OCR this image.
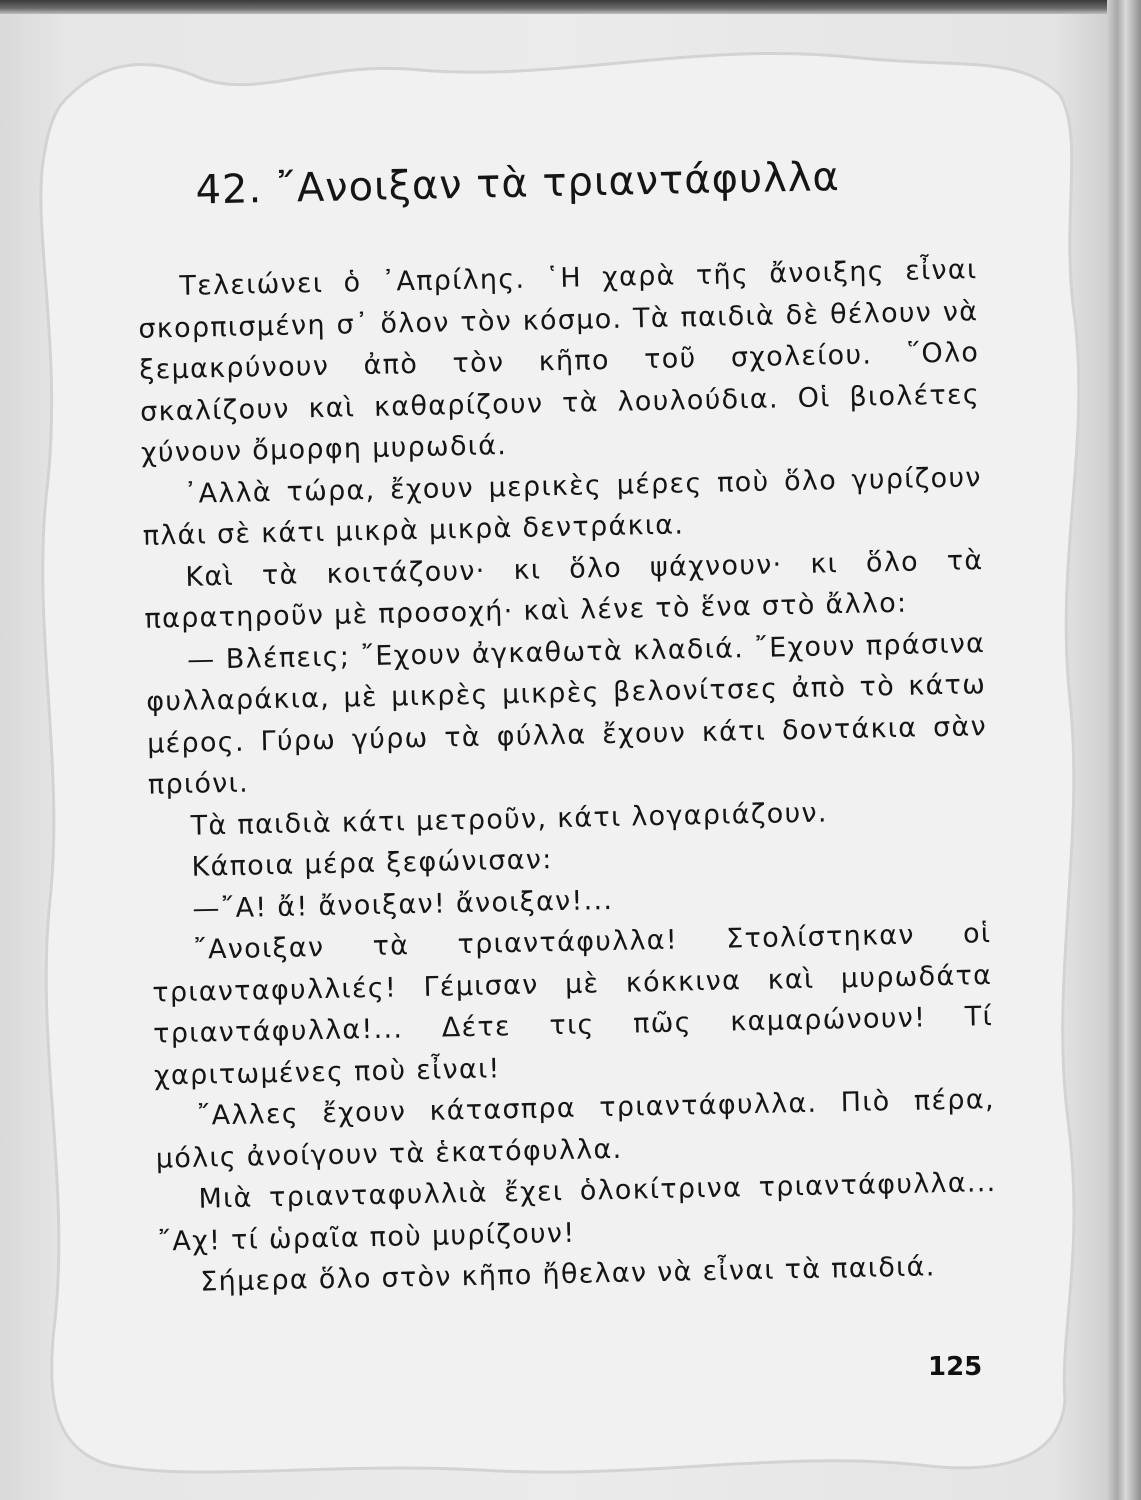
42. ῎Ανοιξαν τὰ τριαντάφυλλα

Τελειώνει ὁ ᾿Απρίλης. ῾Η χαρὰ τῆς ἄνοιξης εἶναι σκορπισμένη σ᾿ ὅλον τὸν κόσμο. Τὰ παιδιὰ δὲ θέλουν νὰ ξεμακρύνουν ἀπὸ τὸν κῆπο τοῦ σχολείου. ῞Ολο σκαλίζουν καὶ καθαρίζουν τὰ λουλούδια. Οἱ βιολέτες χύνουν ὄμορφη μυρωδιά.

᾿Αλλὰ τώρα, ἔχουν μερικὲς μέρες ποὺ ὅλο γυρίζουν πλάι σὲ κάτι μικρὰ μικρὰ δεντράκια.

Καὶ τὰ κοιτάζουν· κι ὅλο ψάχνουν· κι ὅλο τὰ παρατηροῦν μὲ προσοχή· καὶ λένε τὸ ἕνα στὸ ἄλλο:

— Βλέπεις; ῎Εχουν ἀγκαθωτὰ κλαδιά. ῎Εχουν πράσινα φυλλαράκια, μὲ μικρὲς μικρὲς βελονίτσες ἀπὸ τὸ κάτω μέρος. Γύρω γύρω τὰ φύλλα ἔχουν κάτι δοντάκια σὰν πριόνι.

Τὰ παιδιὰ κάτι μετροῦν, κάτι λογαριάζουν.

Κάποια μέρα ξεφώνισαν:

—῎Α! ἄ! ἄνοιξαν! ἄνοιξαν!...

῎Ανοιξαν τὰ τριαντάφυλλα! Στολίστηκαν οἱ τριανταφυλλιές! Γέμισαν μὲ κόκκινα καὶ μυρωδάτα τριαντάφυλλα!... Δέτε τις πῶς καμαρώνουν! Τί χαριτωμένες ποὺ εἶναι!

῎Αλλες ἔχουν κάτασπρα τριαντάφυλλα. Πιὸ πέρα, μόλις ἀνοίγουν τὰ ἑκατόφυλλα.

Μιὰ τριανταφυλλιὰ ἔχει ὁλοκίτρινα τριαντάφυλλα... ῎Αχ! τί ὡραῖα ποὺ μυρίζουν!

Σήμερα ὅλο στὸν κῆπο ἤθελαν νὰ εἶναι τὰ παιδιά.

125
